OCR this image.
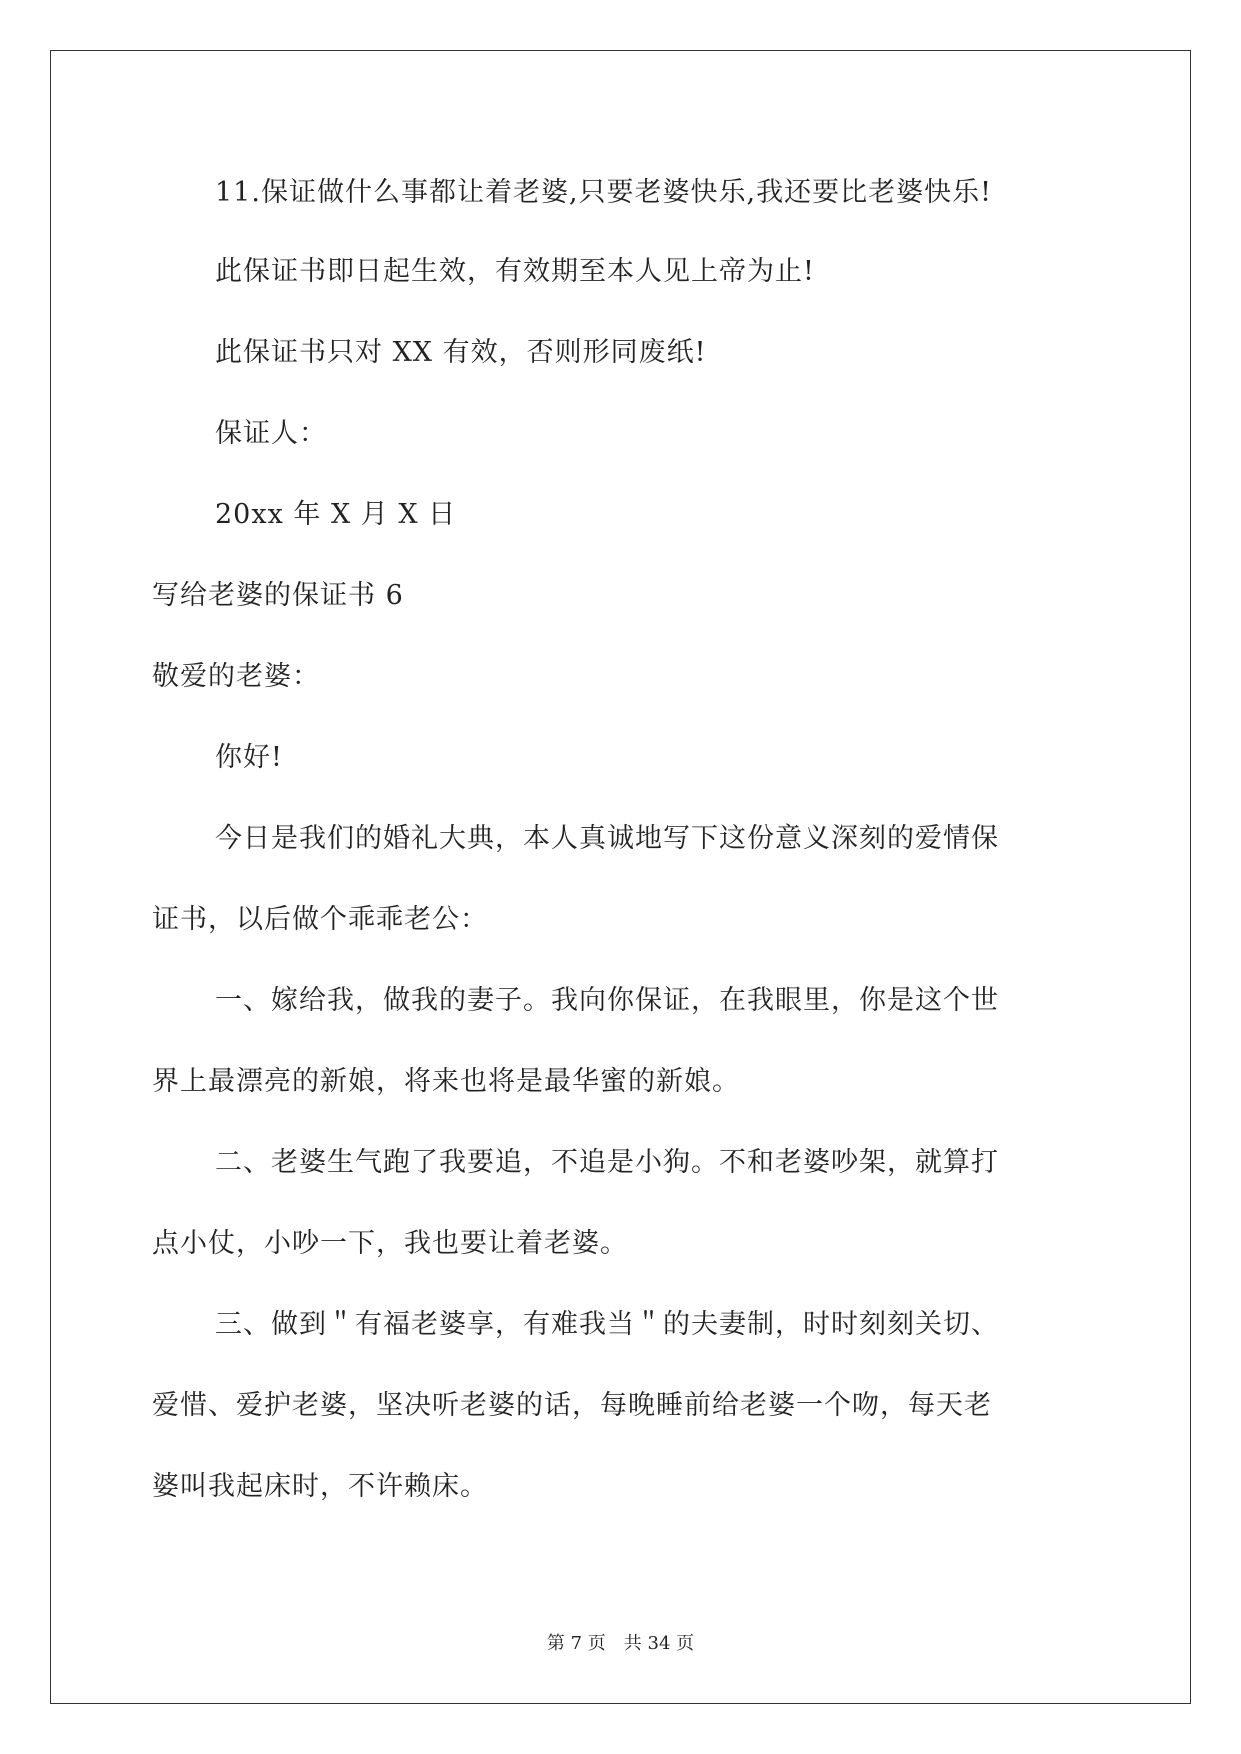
11.保证做什么事都让着老婆,只要老婆快乐,我还要比老婆快乐!
此保证书即日起生效，有效期至本人见上帝为止!
此保证书只对 XX 有效，否则形同废纸!
保证人：
20xx 年 X 月 X 日
写给老婆的保证书 6
敬爱的老婆：
你好!
今日是我们的婚礼大典，本人真诚地写下这份意义深刻的爱情保
证书，以后做个乖乖老公：
一、嫁给我，做我的妻子。我向你保证，在我眼里，你是这个世
界上最漂亮的新娘，将来也将是最华蜜的新娘。
二、老婆生气跑了我要追，不追是小狗。不和老婆吵架，就算打
点小仗，小吵一下，我也要让着老婆。
三、做到＂有福老婆享，有难我当＂的夫妻制，时时刻刻关切、
爱惜、爱护老婆，坚决听老婆的话，每晚睡前给老婆一个吻，每天老
婆叫我起床时，不许赖床。
第 7 页　共 34 页
